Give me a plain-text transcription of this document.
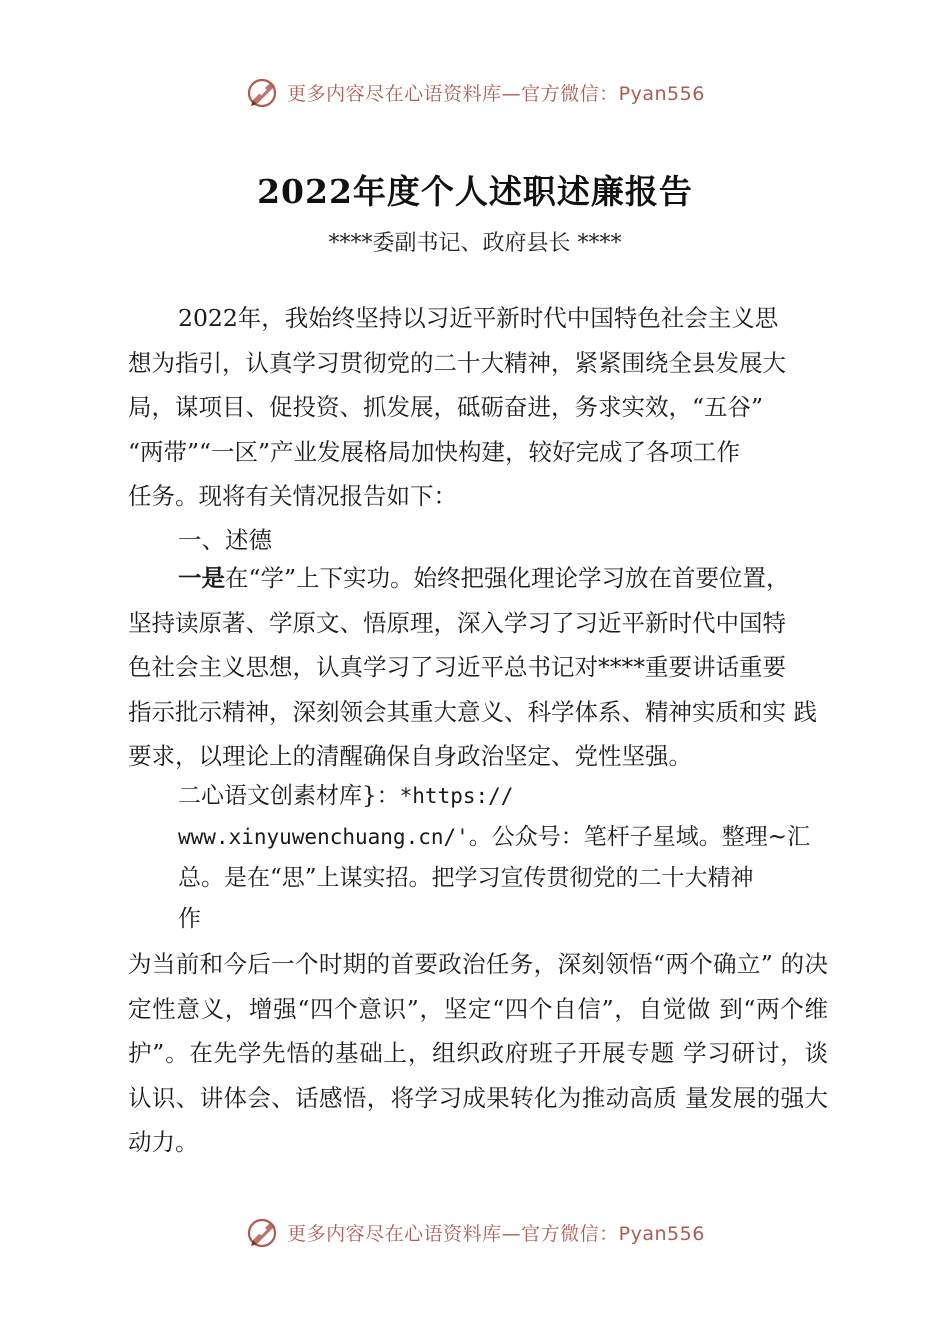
更多内容尽在心语资料库—官方微信：Pyan556
2022年度个人述职述廉报告
****委副书记、政府县长 ****
2022年，我始终坚持以习近平新时代中国特色社会主义思
想为指引，认真学习贯彻党的二十大精神，紧紧围绕全县发展大
局，谋项目、促投资、抓发展，砥砺奋进，务求实效，“五谷”
“两带”“一区”产业发展格局加快构建，较好完成了各项工作
任务。现将有关情况报告如下：
一、述德
一是在“学”上下实功。始终把强化理论学习放在首要位置，
坚持读原著、学原文、悟原理，深入学习了习近平新时代中国特
色社会主义思想，认真学习了习近平总书记对****重要讲话重要
指示批示精神，深刻领会其重大意义、科学体系、精神实质和实 践
要求，以理论上的清醒确保自身政治坚定、党性坚强。
二心语文创素材库}：*https://
www.xinyuwenchuang.cn/'。公众号：笔杆子星域。整理~汇
总。是在“思”上谋实招。把学习宣传贯彻党的二十大精神
作
为当前和今后一个时期的首要政治任务，深刻领悟“两个确立” 的决定性意义，增强“四个意识”，坚定“四个自信”，自觉做 到“两个维护”。在先学先悟的基础上，组织政府班子开展专题 学习研讨，谈认识、讲体会、话感悟，将学习成果转化为推动高质 量发展的强大动力。
更多内容尽在心语资料库—官方微信：Pyan556
